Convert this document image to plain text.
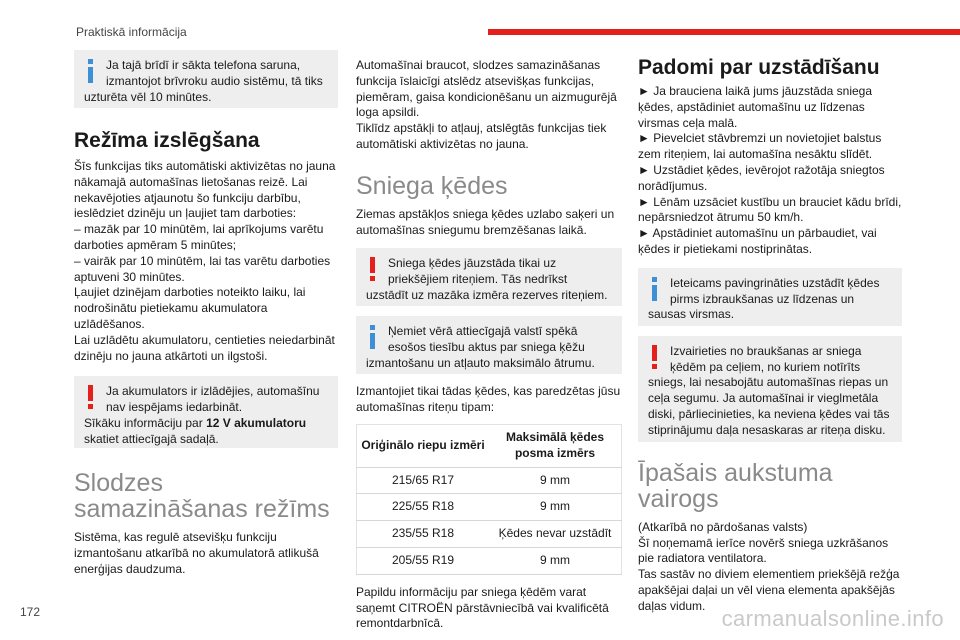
Praktiskā informācija
Ja tajā brīdī ir sākta telefona saruna,
izmantojot brīvroku audio sistēmu, tā tiks
uzturēta vēl 10 minūtes.
Režīma izslēgšana

Šīs funkcijas tiks automātiski aktivizētas no jauna nākamajā automašīnas lietošanas reizē. Lai nekavējoties atjaunotu šo funkciju darbību, ieslēdziet dzinēju un ļaujiet tam darboties:

– mazāk par 10 minūtēm, lai aprīkojums varētu darboties apmēram 5 minūtes;

– vairāk par 10 minūtēm, lai tas varētu darboties aptuveni 30 minūtes.

Ļaujiet dzinējam darboties noteikto laiku, lai nodrošinātu pietiekamu akumulatora uzlādēšanos.

Lai uzlādētu akumulatoru, centieties neiedarbināt dzinēju no jauna atkārtoti un ilgstoši.

Ja akumulators ir izlādējies, automašīnu
nav iespējams iedarbināt.
Sīkāku informāciju par 12 V akumulatoru
skatiet attiecīgajā sadaļā.
Slodzes samazināšanas režīms

Sistēma, kas regulē atsevišķu funkciju izmantošanu atkarībā no akumulatorā atlikušā enerģijas daudzuma.

Automašīnai braucot, slodzes samazināšanas funkcija īslaicīgi atslēdz atsevišķas funkcijas, piemēram, gaisa kondicionēšanu un aizmugurējā loga apsildi.

Tiklīdz apstākļi to atļauj, atslēgtās funkcijas tiek automātiski aktivizētas no jauna.

Sniega ķēdes

Ziemas apstākļos sniega ķēdes uzlabo saķeri un automašīnas sniegumu bremzēšanas laikā.

Sniega ķēdes jāuzstāda tikai uz
priekšējiem riteņiem. Tās nedrīkst
uzstādīt uz mazāka izmēra rezerves riteņiem.
Ņemiet vērā attiecīgajā valstī spēkā
esošos tiesību aktus par sniega ķēžu
izmantošanu un atļauto maksimālo ātrumu.

Izmantojiet tikai tādas ķēdes, kas paredzētas jūsu automašīnas riteņu tipam:

Oriģinālo riepu izmēri	Maksimālā ķēdes posma izmērs
215/65 R17	9 mm
225/55 R18	9 mm
235/55 R18	Ķēdes nevar uzstādīt
205/55 R19	9 mm

Papildu informāciju par sniega ķēdēm varat saņemt CITROËN pārstāvniecībā vai kvalificētā remontdarbnīcā.

Padomi par uzstādīšanu

► Ja brauciena laikā jums jāuzstāda sniega ķēdes, apstādiniet automašīnu uz līdzenas virsmas ceļa malā.

► Pievelciet stāvbremzi un novietojiet balstus zem riteņiem, lai automašīna nesāktu slīdēt.

► Uzstādiet ķēdes, ievērojot ražotāja sniegtos norādījumus.

► Lēnām uzsāciet kustību un brauciet kādu brīdi, nepārsniedzot ātrumu 50 km/h.

► Apstādiniet automašīnu un pārbaudiet, vai ķēdes ir pietiekami nostiprinātas.

Ieteicams pavingrināties uzstādīt ķēdes
pirms izbraukšanas uz līdzenas un
sausas virsmas.
Izvairieties no braukšanas ar sniega
ķēdēm pa ceļiem, no kuriem notīrīts
sniegs, lai nesabojātu automašīnas riepas un ceļa segumu. Ja automašīnai ir vieglmetāla diski, pārliecinieties, ka neviena ķēdes vai tās stiprinājumu daļa nesaskaras ar riteņa disku.
Īpašais aukstuma vairogs

(Atkarībā no pārdošanas valsts)

Šī noņemamā ierīce novērš sniega uzkrāšanos pie radiatora ventilatora.

Tas sastāv no diviem elementiem priekšējā režģa apakšējai daļai un vēl viena elementa apakšējās daļas vidum.

172	carmanualsonline.info
